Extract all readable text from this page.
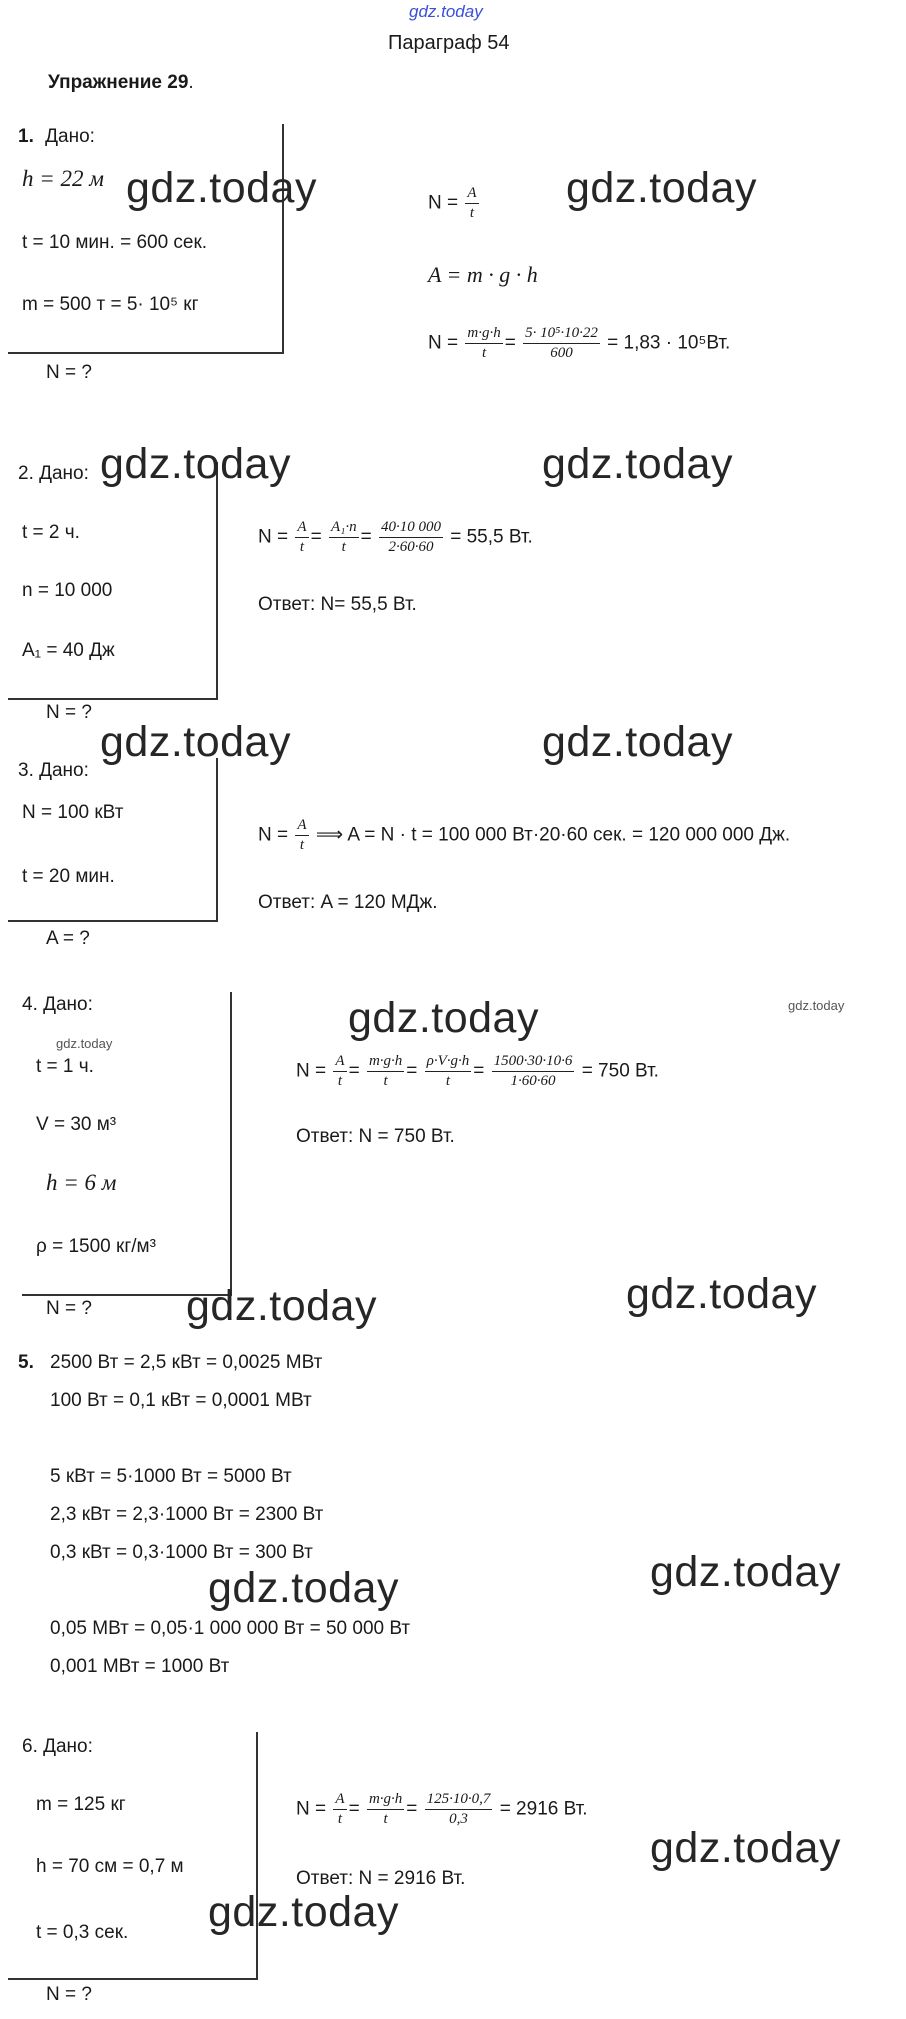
gdz.today
Параграф 54
Упражнение 29.
1. Дано:
h = 22 м
t = 10 мин. = 600 сек.
m = 500 т = 5· 10⁵ кг
N = ?
$N = \frac{A}{t}$
A = m · g · h
$N = \frac{m\cdot g\cdot h}{t} = \frac{\text{5· 10⁵·10·22}}{600} = 1,83 \cdot 10^5Вт$.
2. Дано:
t = 2 ч.
n = 10 000
A₁ = 40 Дж
N = ?
$N = \frac{A}{t} = \frac{\text{A₁·n}}{t} = \frac{40\cdot 10 000}{2\cdot 60\cdot 60} = 55,5$ Вт.
Ответ: N= 55,5 Вт.
3. Дано:
N = 100 кВт
t = 20 мин.
A = ?
$N = \frac{A}{t}$ ⟹ A = N · t = 100 000 Вт·20·60 сек. = 120 000 000 Дж.
Ответ: A = 120 МДж.
4. Дано:
t = 1 ч.
V = 30 м³
h = 6 м
ρ = 1500 кг/м³
N = ?
$N = \frac{A}{t} = \frac{m\cdot g\cdot h}{t} = \frac{\rho\cdot V\cdot g\cdot h}{t} = \frac{1500\cdot 30\cdot 10\cdot 6}{1\cdot 60\cdot 60} = 750$ Вт.
Ответ: N = 750 Вт.
5. 2500 Вт = 2,5 кВт = 0,0025 МВт
100 Вт = 0,1 кВт = 0,0001 МВт
5 кВт = 5·1000 Вт = 5000 Вт
2,3 кВт = 2,3·1000 Вт = 2300 Вт
0,3 кВт = 0,3·1000 Вт = 300 Вт
0,05 МВт = 0,05·1 000 000 Вт = 50 000 Вт
0,001 МВт = 1000 Вт
6. Дано:
m = 125 кг
h = 70 см = 0,7 м
t = 0,3 сек.
N = ?
$N = \frac{A}{t} = \frac{m\cdot g\cdot h}{t} = \frac{125\cdot 10\cdot 0,7}{0,3} = 2916$ Вт.
Ответ: N = 2916 Вт.
gdz.today	gdz.today
gdz.today	gdz.today
gdz.today	gdz.today
gdz.today
gdz.today
gdz.today
gdz.today	gdz.today
gdz.today	gdz.today
gdz.today
gdz.today
